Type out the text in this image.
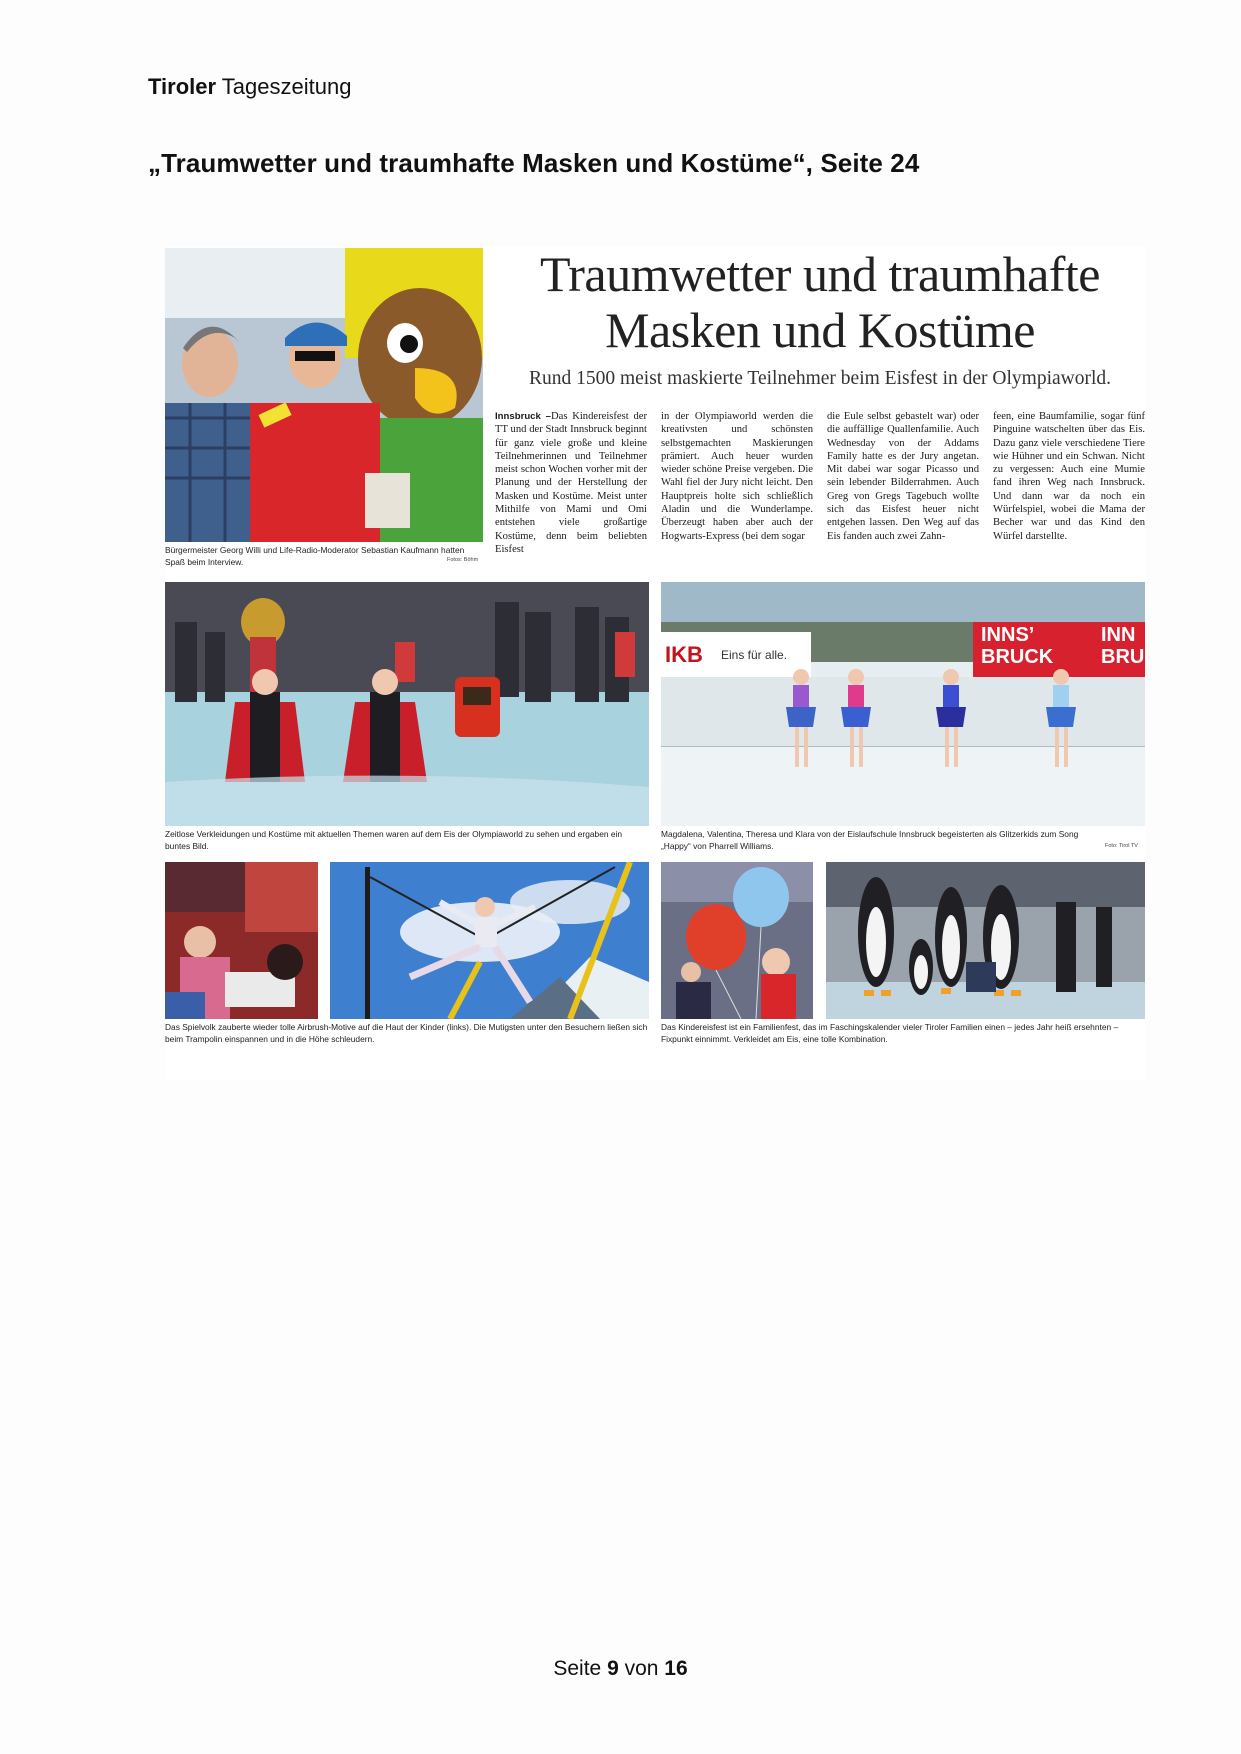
Tiroler Tageszeitung
„Traumwetter und traumhafte Masken und Kostüme“, Seite 24
Bürgermeister Georg Willi und Life-Radio-Moderator Sebastian Kaufmann hatten Spaß beim Interview.	Fotos: Böhm
Traumwetter und traumhafte
Masken und Kostüme
Rund 1500 meist maskierte Teilnehmer beim Eisfest in der Olympiaworld.
Innsbruck –Das Kindereisfest der TT und der Stadt Innsbruck beginnt für ganz viele große und kleine Teilnehmerinnen und Teilnehmer meist schon Wochen vorher mit der Planung und der Herstellung der Masken und Kostüme. Meist unter Mithilfe von Mami und Omi entstehen viele großartige Kostüme, denn beim beliebten Eisfest
in der Olympiaworld werden die kreativsten und schönsten selbstgemachten Maskierungen prämiert. Auch heuer wurden wieder schöne Preise vergeben. Die Wahl fiel der Jury nicht leicht. Den Hauptpreis holte sich schließlich Aladin und die Wunderlampe. Überzeugt haben aber auch der Hogwarts-Express (bei dem sogar
die Eule selbst gebastelt war) oder die auffällige Quallenfamilie. Auch Wednesday von der Addams Family hatte es der Jury angetan. Mit dabei war sogar Picasso und sein lebender Bilderrahmen. Auch Greg von Gregs Tagebuch wollte sich das Eisfest heuer nicht entgehen lassen. Den Weg auf das Eis fanden auch zwei Zahn-
feen, eine Baumfamilie, sogar fünf Pinguine watschelten über das Eis. Dazu ganz viele verschiedene Tiere wie Hühner und ein Schwan. Nicht zu vergessen: Auch eine Mumie fand ihren Weg nach Innsbruck. Und dann war da noch ein Würfelspiel, wobei die Mama der Becher war und das Kind den Würfel darstellte.
Zeitlose Verkleidungen und Kostüme mit aktuellen Themen waren auf dem Eis der Olympiaworld zu sehen und ergaben ein buntes Bild.
IKB Eins für alle.
INNS’
BRUCK
INN
BRU
Magdalena, Valentina, Theresa und Klara von der Eislaufschule Innsbruck begeisterten als Glitzerkids zum Song „Happy“ von Pharrell Williams.	Foto: Tirol TV
Das Spielvolk zauberte wieder tolle Airbrush-Motive auf die Haut der Kinder (links). Die Mutigsten unter den Besuchern ließen sich beim Trampolin einspannen und in die Höhe schleudern.
Das Kindereisfest ist ein Familienfest, das im Faschingskalender vieler Tiroler Familien einen – jedes Jahr heiß ersehnten – Fixpunkt einnimmt. Verkleidet am Eis, eine tolle Kombination.
Seite 9 von 16
